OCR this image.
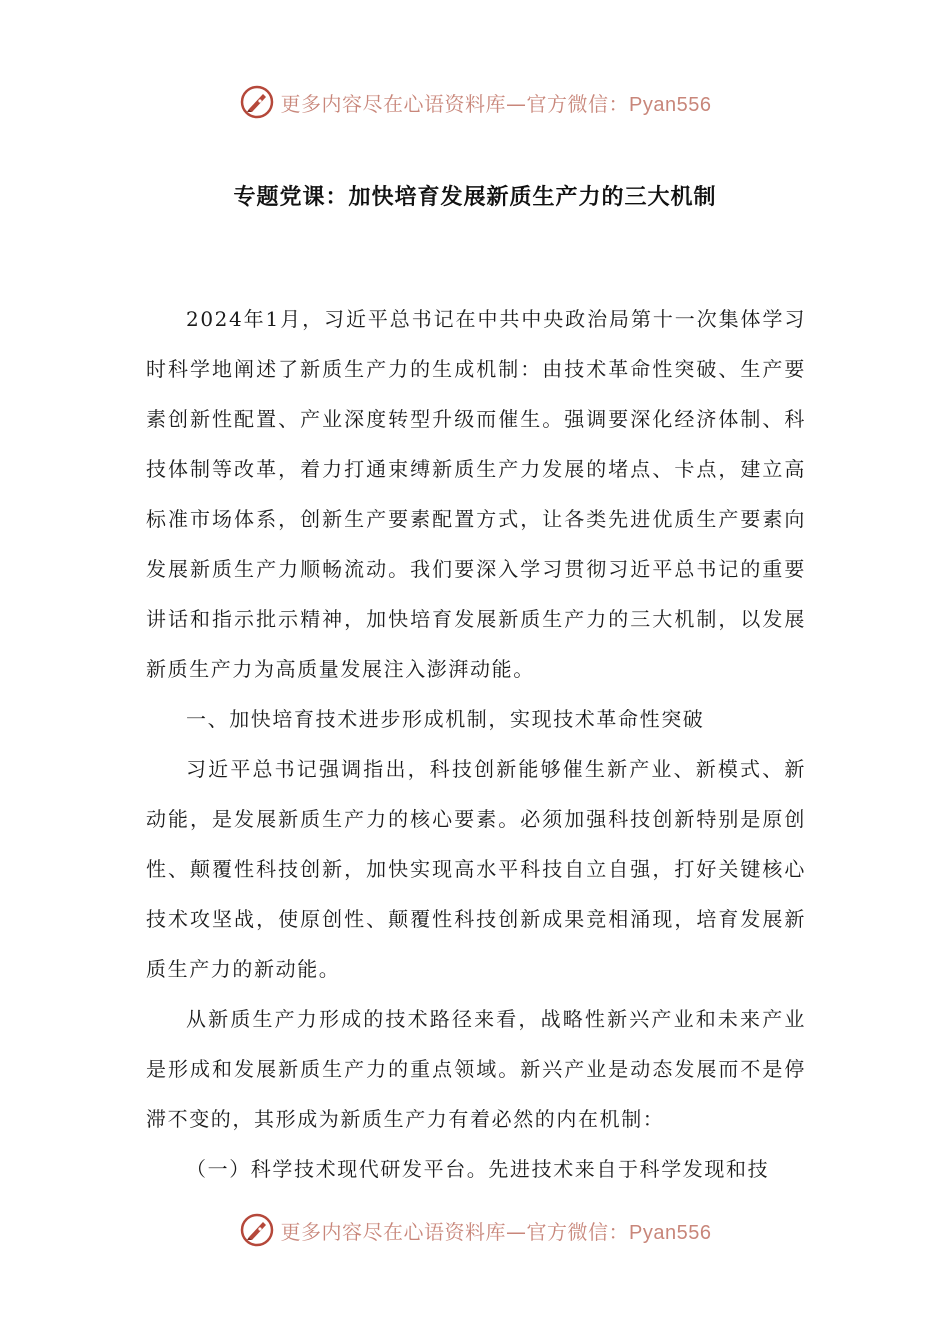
更多内容尽在心语资料库—官方微信：Pyan556
专题党课：加快培育发展新质生产力的三大机制

2024年1月，习近平总书记在中共中央政治局第十一次集体学习时科学地阐述了新质生产力的生成机制：由技术革命性突破、生产要素创新性配置、产业深度转型升级而催生。强调要深化经济体制、科技体制等改革，着力打通束缚新质生产力发展的堵点、卡点，建立高标准市场体系，创新生产要素配置方式，让各类先进优质生产要素向发展新质生产力顺畅流动。我们要深入学习贯彻习近平总书记的重要讲话和指示批示精神，加快培育发展新质生产力的三大机制，以发展新质生产力为高质量发展注入澎湃动能。

一、加快培育技术进步形成机制，实现技术革命性突破

习近平总书记强调指出，科技创新能够催生新产业、新模式、新动能，是发展新质生产力的核心要素。必须加强科技创新特别是原创性、颠覆性科技创新，加快实现高水平科技自立自强，打好关键核心技术攻坚战，使原创性、颠覆性科技创新成果竞相涌现，培育发展新质生产力的新动能。

从新质生产力形成的技术路径来看，战略性新兴产业和未来产业是形成和发展新质生产力的重点领域。新兴产业是动态发展而不是停滞不变的，其形成为新质生产力有着必然的内在机制：

（一）科学技术现代研发平台。先进技术来自于科学发现和技

更多内容尽在心语资料库—官方微信：Pyan556
